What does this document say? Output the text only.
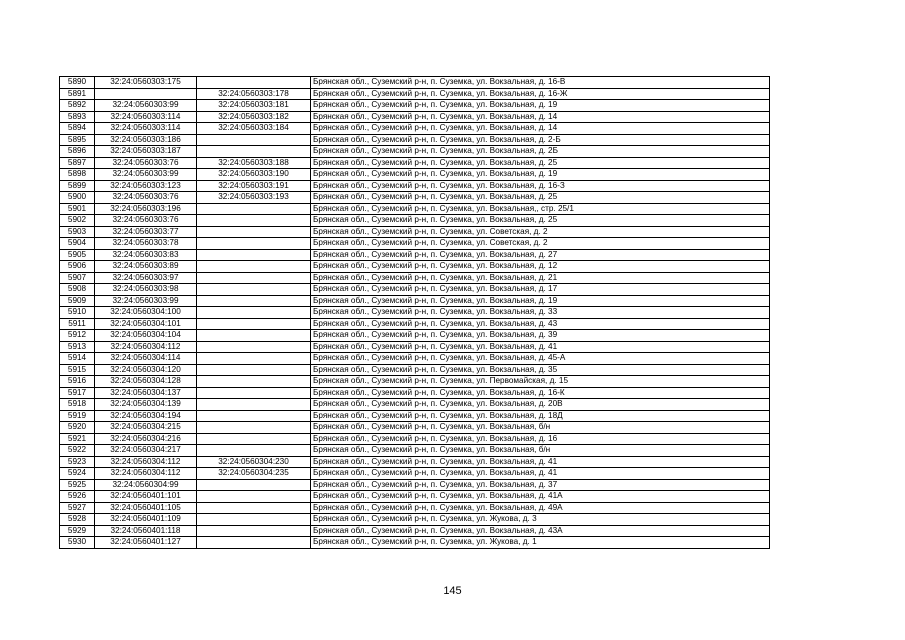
5890	32:24:0560303:175		Брянская обл., Суземский р-н, п. Суземка, ул. Вокзальная, д. 16-В
5891		32:24:0560303:178	Брянская обл., Суземский р-н, п. Суземка, ул. Вокзальная, д. 16-Ж
5892	32:24:0560303:99	32:24:0560303:181	Брянская обл., Суземский р-н, п. Суземка, ул. Вокзальная, д. 19
5893	32:24:0560303:114	32:24:0560303:182	Брянская обл., Суземский р-н, п. Суземка, ул. Вокзальная, д. 14
5894	32:24:0560303:114	32:24:0560303:184	Брянская обл., Суземский р-н, п. Суземка, ул. Вокзальная, д. 14
5895	32:24:0560303:186		Брянская обл., Суземский р-н, п. Суземка, ул. Вокзальная, д. 2-Б
5896	32:24:0560303:187		Брянская обл., Суземский р-н, п. Суземка, ул. Вокзальная, д. 2Б
5897	32:24:0560303:76	32:24:0560303:188	Брянская обл., Суземский р-н, п. Суземка, ул. Вокзальная, д. 25
5898	32:24:0560303:99	32:24:0560303:190	Брянская обл., Суземский р-н, п. Суземка, ул. Вокзальная, д. 19
5899	32:24:0560303:123	32:24:0560303:191	Брянская обл., Суземский р-н, п. Суземка, ул. Вокзальная, д. 16-З
5900	32:24:0560303:76	32:24:0560303:193	Брянская обл., Суземский р-н, п. Суземка, ул. Вокзальная, д. 25
5901	32:24:0560303:196		Брянская обл., Суземский р-н, п. Суземка, ул. Вокзальная,, стр. 25/1
5902	32:24:0560303:76		Брянская обл., Суземский р-н, п. Суземка, ул. Вокзальная, д. 25
5903	32:24:0560303:77		Брянская обл., Суземский р-н, п. Суземка, ул. Советская, д. 2
5904	32:24:0560303:78		Брянская обл., Суземский р-н, п. Суземка, ул. Советская, д. 2
5905	32:24:0560303:83		Брянская обл., Суземский р-н, п. Суземка, ул. Вокзальная, д. 27
5906	32:24:0560303:89		Брянская обл., Суземский р-н, п. Суземка, ул. Вокзальная, д. 12
5907	32:24:0560303:97		Брянская обл., Суземский р-н, п. Суземка, ул. Вокзальная, д. 21
5908	32:24:0560303:98		Брянская обл., Суземский р-н, п. Суземка, ул. Вокзальная, д. 17
5909	32:24:0560303:99		Брянская обл., Суземский р-н, п. Суземка, ул. Вокзальная, д. 19
5910	32:24:0560304:100		Брянская обл., Суземский р-н, п. Суземка, ул. Вокзальная, д. 33
5911	32:24:0560304:101		Брянская обл., Суземский р-н, п. Суземка, ул. Вокзальная, д. 43
5912	32:24:0560304:104		Брянская обл., Суземский р-н, п. Суземка, ул. Вокзальная, д. 39
5913	32:24:0560304:112		Брянская обл., Суземский р-н, п. Суземка, ул. Вокзальная, д. 41
5914	32:24:0560304:114		Брянская обл., Суземский р-н, п. Суземка, ул. Вокзальная, д. 45-А
5915	32:24:0560304:120		Брянская обл., Суземский р-н, п. Суземка, ул. Вокзальная, д. 35
5916	32:24:0560304:128		Брянская обл., Суземский р-н, п. Суземка, ул. Первомайская, д. 15
5917	32:24:0560304:137		Брянская обл., Суземский р-н, п. Суземка, ул. Вокзальная, д. 16-К
5918	32:24:0560304:139		Брянская обл., Суземский р-н, п. Суземка, ул. Вокзальная, д. 20В
5919	32:24:0560304:194		Брянская обл., Суземский р-н, п. Суземка, ул. Вокзальная, д. 18Д
5920	32:24:0560304:215		Брянская обл., Суземский р-н, п. Суземка, ул. Вокзальная, б/н
5921	32:24:0560304:216		Брянская обл., Суземский р-н, п. Суземка, ул. Вокзальная, д. 16
5922	32:24:0560304:217		Брянская обл., Суземский р-н, п. Суземка, ул. Вокзальная, б/н
5923	32:24:0560304:112	32:24:0560304:230	Брянская обл., Суземский р-н, п. Суземка, ул. Вокзальная, д. 41
5924	32:24:0560304:112	32:24:0560304:235	Брянская обл., Суземский р-н, п. Суземка, ул. Вокзальная, д. 41
5925	32:24:0560304:99		Брянская обл., Суземский р-н, п. Суземка, ул. Вокзальная, д. 37
5926	32:24:0560401:101		Брянская обл., Суземский р-н, п. Суземка, ул. Вокзальная, д. 41А
5927	32:24:0560401:105		Брянская обл., Суземский р-н, п. Суземка, ул. Вокзальная, д. 49А
5928	32:24:0560401:109		Брянская обл., Суземский р-н, п. Суземка, ул. Жукова, д. 3
5929	32:24:0560401:118		Брянская обл., Суземский р-н, п. Суземка, ул. Вокзальная, д. 43А
5930	32:24:0560401:127		Брянская обл., Суземский р-н, п. Суземка, ул. Жукова, д. 1
145
